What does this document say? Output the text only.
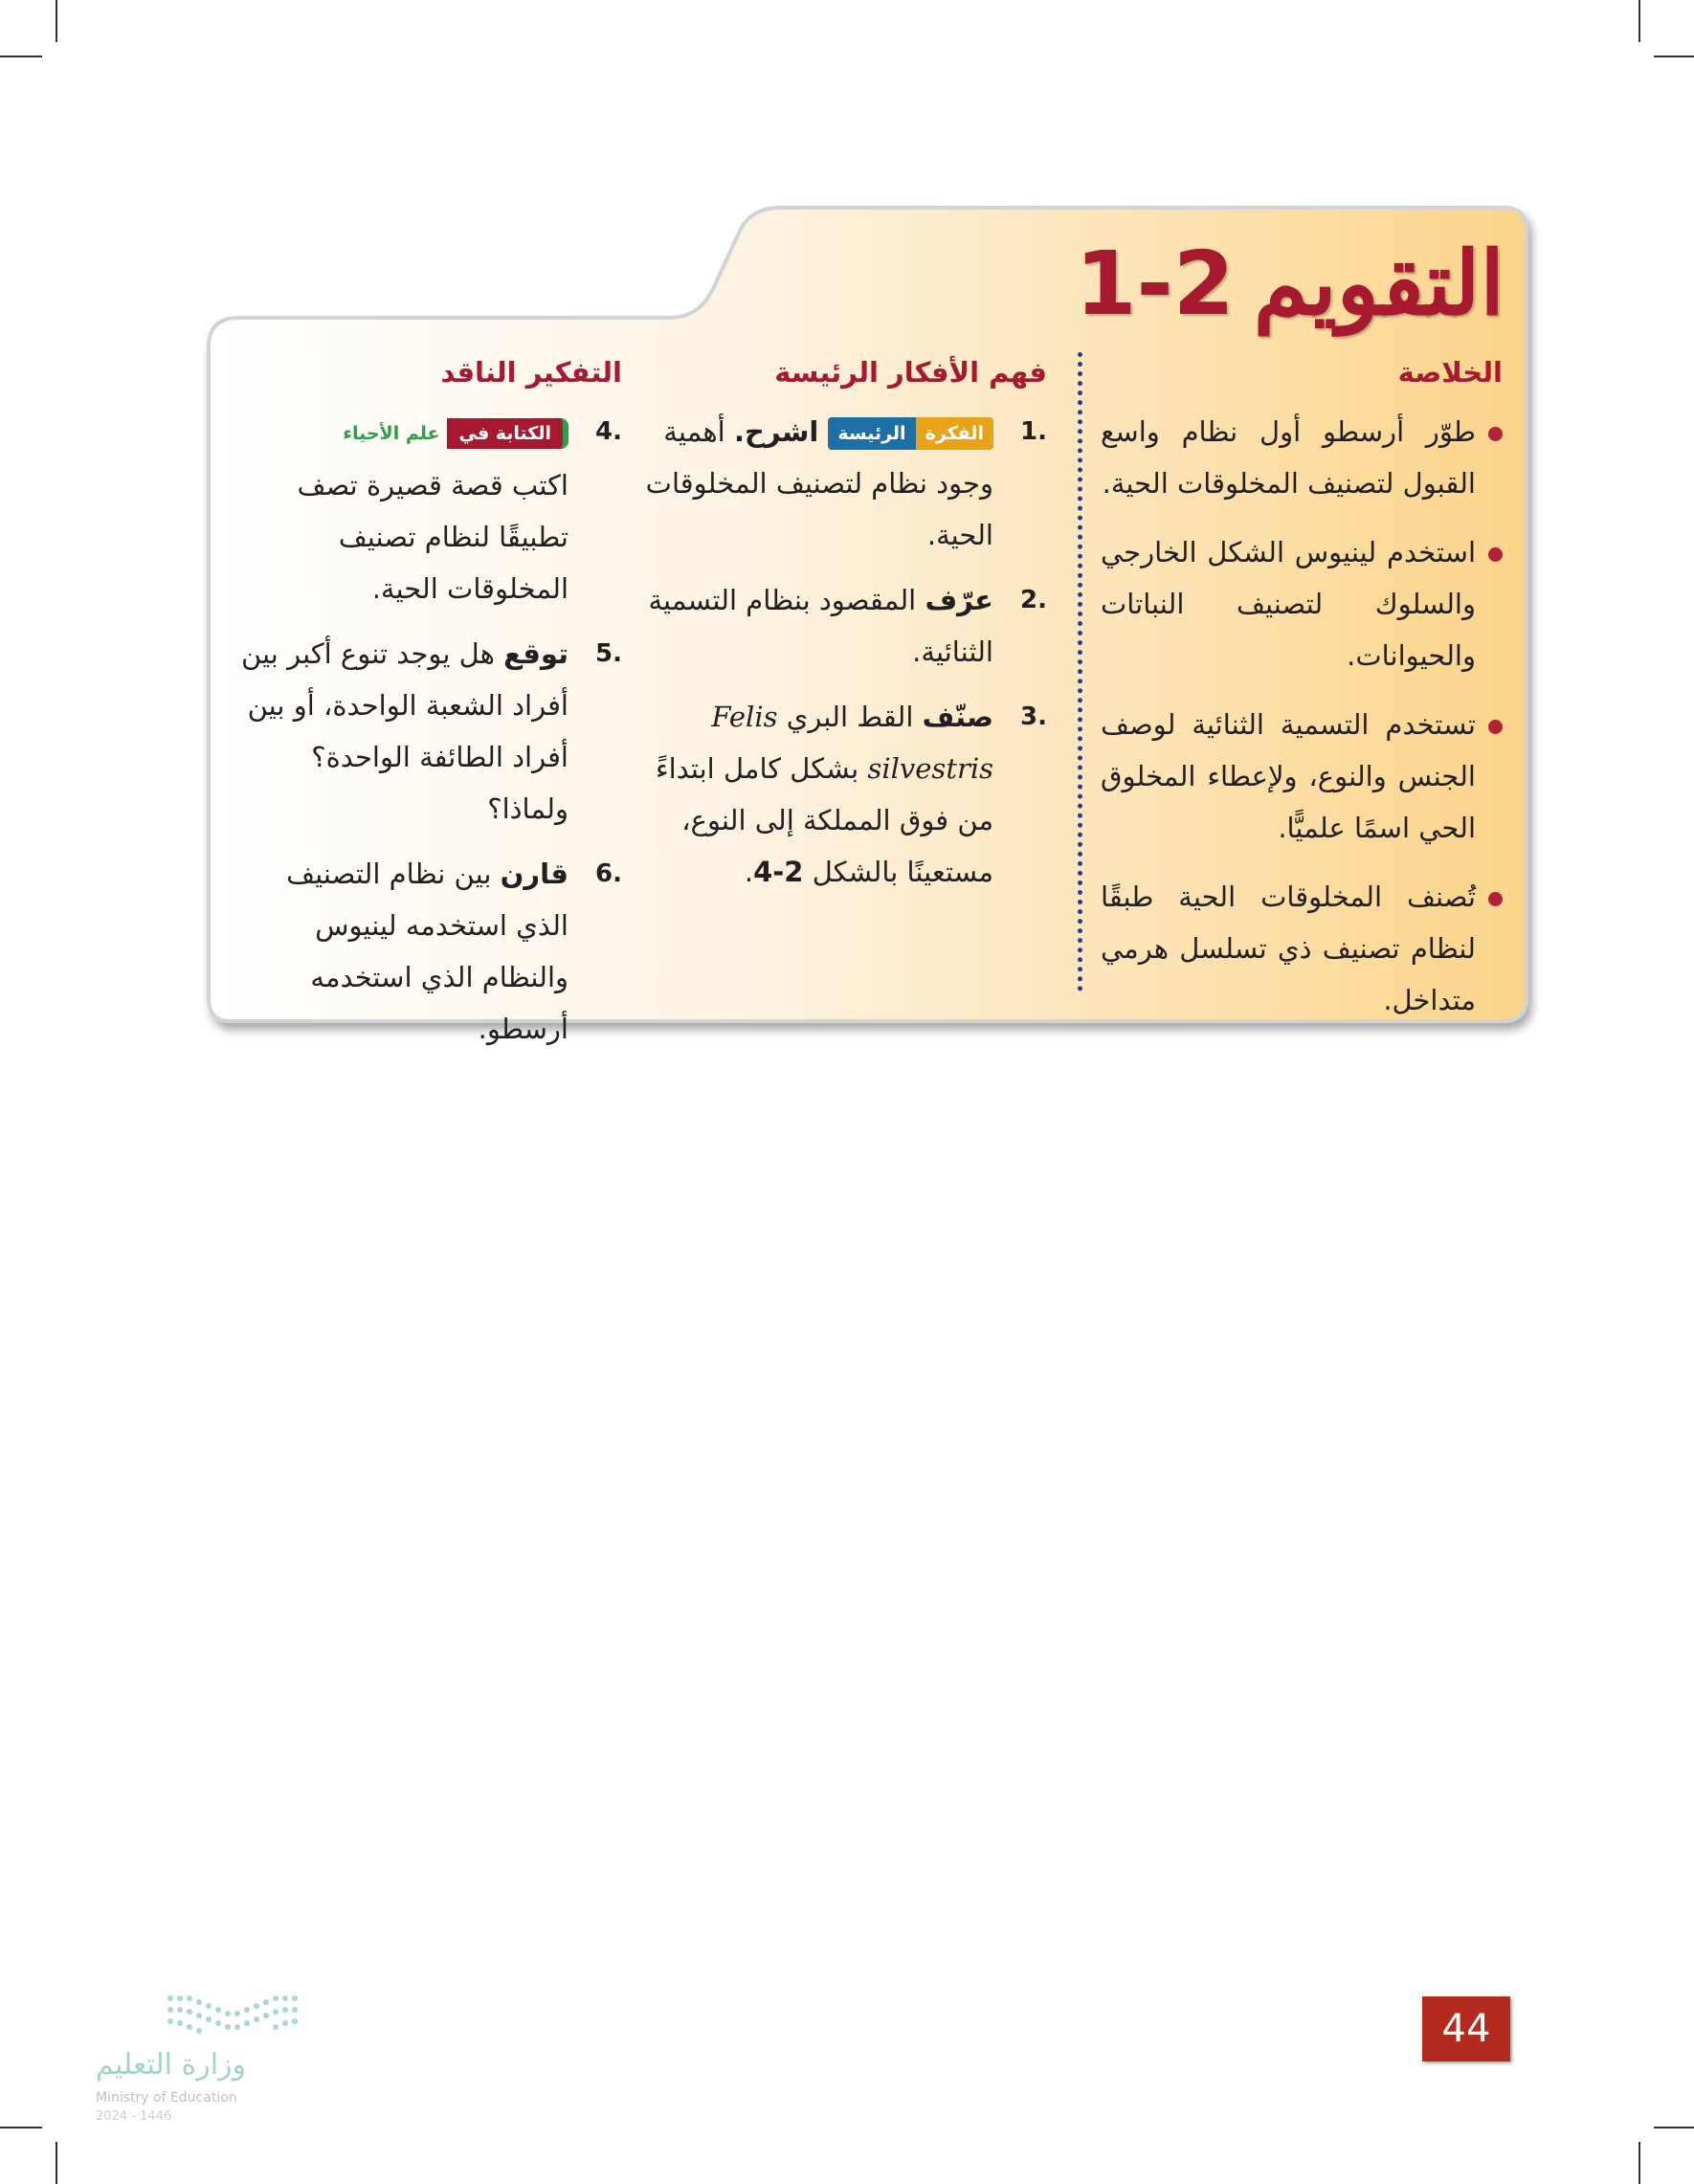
التقويم2-1
الخلاصة
طوّر أرسطو أول نظام واسع القبول لتصنيف المخلوقات الحية.
استخدم لينيوس الشكل الخارجي والسلوك لتصنيف النباتات والحيوانات.
تستخدم التسمية الثنائية لوصف الجنس والنوع، ولإعطاء المخلوق الحي اسمًا علميًّا.
تُصنف المخلوقات الحية طبقًا لنظام تصنيف ذي تسلسل هرمي متداخل.
فهم الأفكار الرئيسة
.1
الفكرة
الرئيسة
اشرح. أهمية وجود نظام لتصنيف المخلوقات الحية.
.2
عرّف المقصود بنظام التسمية الثنائية.
.3
صنّف القط البري Felis silvestris بشكل كامل ابتداءً من فوق المملكة إلى النوع، مستعينًا بالشكل 2-4.
التفكير الناقد
.4
الكتابة في
علم الأحياء

اكتب قصة قصيرة تصف تطبيقًا لنظام تصنيف المخلوقات الحية.
.5
توقع هل يوجد تنوع أكبر بين أفراد الشعبة الواحدة، أو بين أفراد الطائفة الواحدة؟ ولماذا؟
.6
قارن بين نظام التصنيف الذي استخدمه لينيوس والنظام الذي استخدمه أرسطو.
44
وزارة التعليم
Ministry of Education
2024 - 1446
